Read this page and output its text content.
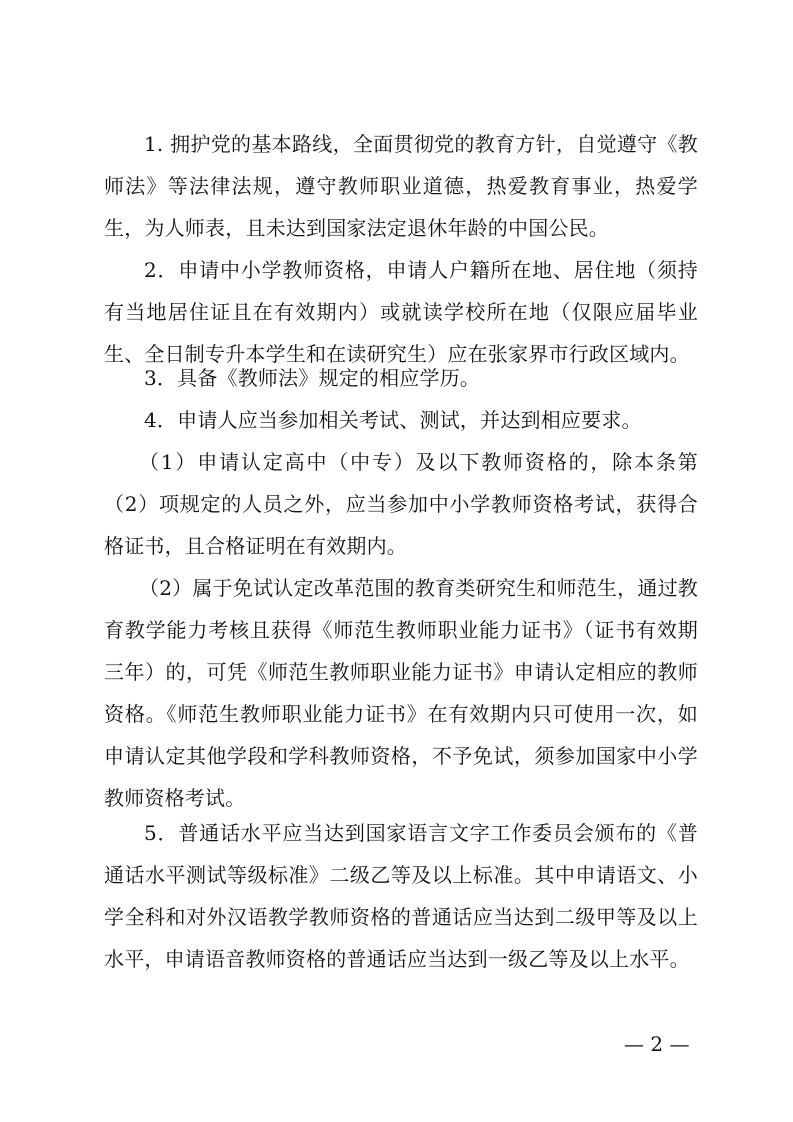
1. 拥护党的基本路线，全面贯彻党的教育方针，自觉遵守《教师法》等法律法规，遵守教师职业道德，热爱教育事业，热爱学生，为人师表，且未达到国家法定退休年龄的中国公民。

2．申请中小学教师资格，申请人户籍所在地、居住地（须持有当地居住证且在有效期内）或就读学校所在地（仅限应届毕业生、全日制专升本学生和在读研究生）应在张家界市行政区域内。

3．具备《教师法》规定的相应学历。

4．申请人应当参加相关考试、测试，并达到相应要求。

（1）申请认定高中（中专）及以下教师资格的，除本条第（2）项规定的人员之外，应当参加中小学教师资格考试，获得合格证书，且合格证明在有效期内。

（2）属于免试认定改革范围的教育类研究生和师范生，通过教育教学能力考核且获得《师范生教师职业能力证书》（证书有效期三年）的，可凭《师范生教师职业能力证书》申请认定相应的教师资格。《师范生教师职业能力证书》在有效期内只可使用一次，如申请认定其他学段和学科教师资格，不予免试，须参加国家中小学教师资格考试。

5．普通话水平应当达到国家语言文字工作委员会颁布的《普通话水平测试等级标准》二级乙等及以上标准。其中申请语文、小学全科和对外汉语教学教师资格的普通话应当达到二级甲等及以上水平，申请语音教师资格的普通话应当达到一级乙等及以上水平。

— 2 —
